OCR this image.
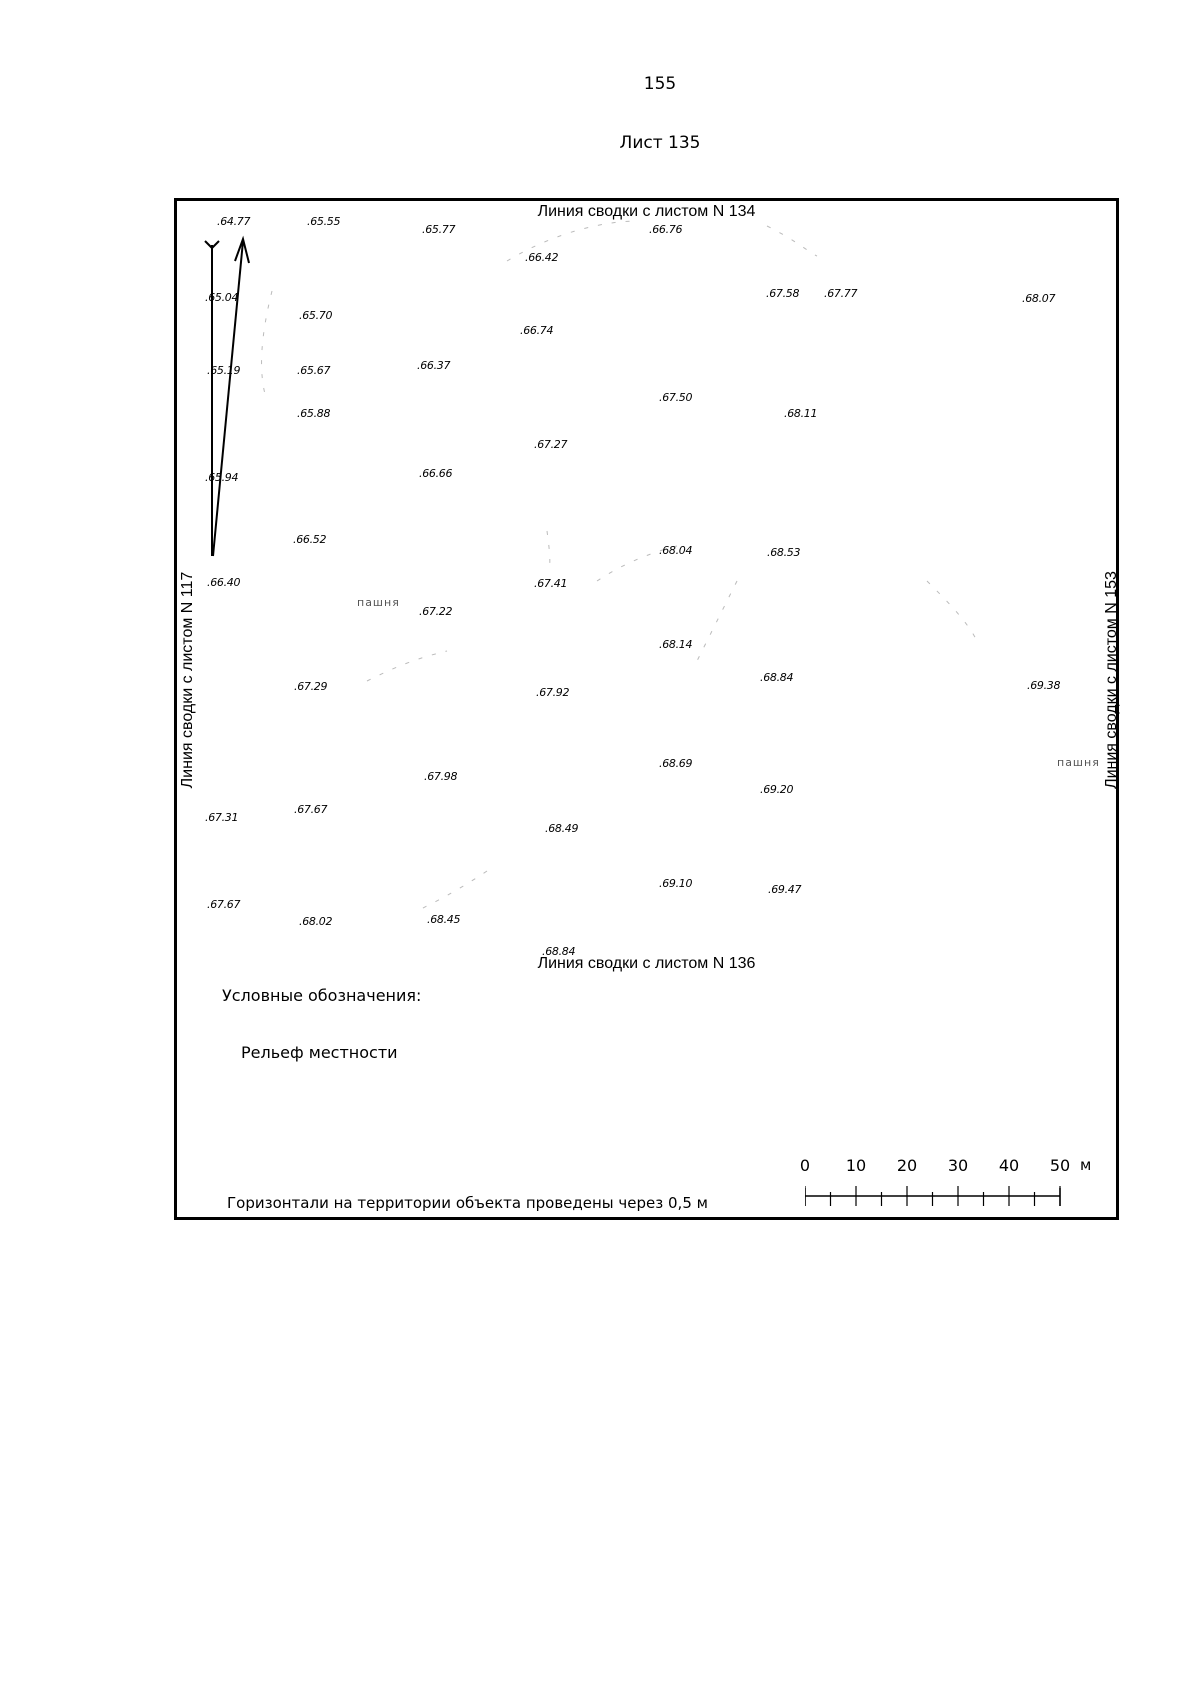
155
Лист 135
Линия сводки с листом N 134
Линия сводки с листом N 136
Линия сводки с листом N 117	Линия сводки с листом N 153
. 64.77	. 65.55
. 65.77	. 66.76
. 66.42
. 65.04
. 65.70
. 66.74
. 67.58	. 67.77	. 68.07
. 65.19	. 65.67	. 66.37
. 67.50
. 65.88	. 68.11
. 67.27
. 65.94	. 66.66
. 66.52
. 68.04	. 68.53
. 66.40	. 67.41
. 67.22
. 68.14
. 67.29	. 67.92
. 68.84
. 69.38
. 68.69
. 67.98
. 69.20
. 67.31
. 67.67
. 68.49
. 69.10	. 69.47
. 67.67
. 68.02	. 68.45
. 68.84
пашня
пашня
Условные обозначения:
Рельеф местности
Горизонтали на территории объекта проведены через 0,5 м
0 10 20 30 40 50 м
